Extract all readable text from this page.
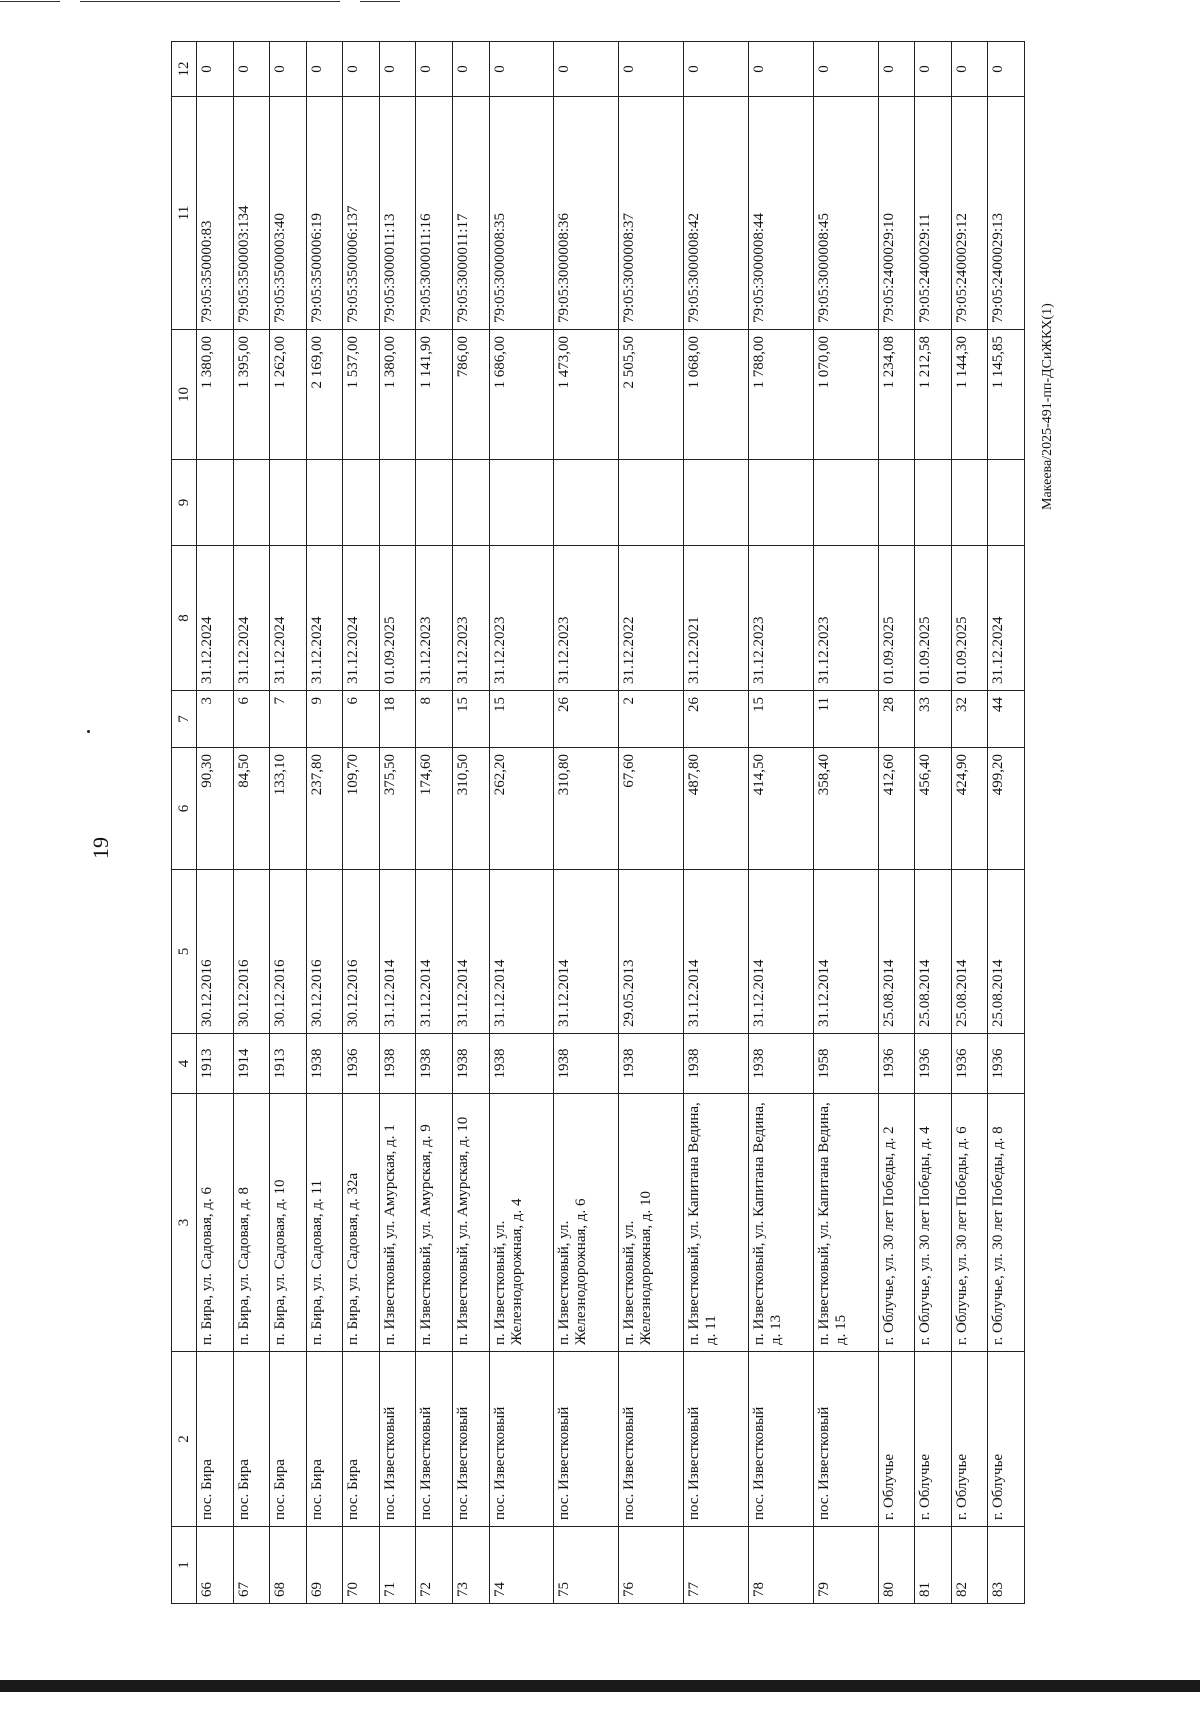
19
1	2	3	4	5	6	7	8	9	10	11	12
66	пос. Бира	п. Бира, ул. Садовая, д. 6	1913	30.12.2016	90,30	3	31.12.2024		1 380,00	79:05:350000:83	0
67	пос. Бира	п. Бира, ул. Садовая, д. 8	1914	30.12.2016	84,50	6	31.12.2024		1 395,00	79:05:3500003:134	0
68	пос. Бира	п. Бира, ул. Садовая, д. 10	1913	30.12.2016	133,10	7	31.12.2024		1 262,00	79:05:3500003:40	0
69	пос. Бира	п. Бира, ул. Садовая, д. 11	1938	30.12.2016	237,80	9	31.12.2024		2 169,00	79:05:3500006:19	0
70	пос. Бира	п. Бира, ул. Садовая, д. 32а	1936	30.12.2016	109,70	6	31.12.2024		1 537,00	79:05:3500006:137	0
71	пос. Известковый	п. Известковый, ул. Амурская, д. 1	1938	31.12.2014	375,50	18	01.09.2025		1 380,00	79:05:3000011:13	0
72	пос. Известковый	п. Известковый, ул. Амурская, д. 9	1938	31.12.2014	174,60	8	31.12.2023		1 141,90	79:05:3000011:16	0
73	пос. Известковый	п. Известковый, ул. Амурская, д. 10	1938	31.12.2014	310,50	15	31.12.2023		786,00	79:05:3000011:17	0
74	пос. Известковый	п. Известковый, ул. Железнодорожная, д. 4	1938	31.12.2014	262,20	15	31.12.2023		1 686,00	79:05:3000008:35	0
75	пос. Известковый	п. Известковый, ул. Железнодорожная, д. 6	1938	31.12.2014	310,80	26	31.12.2023		1 473,00	79:05:3000008:36	0
76	пос. Известковый	п. Известковый, ул. Железнодорожная, д. 10	1938	29.05.2013	67,60	2	31.12.2022		2 505,50	79:05:3000008:37	0
77	пос. Известковый	п. Известковый, ул. Капитана Ведина, д. 11	1938	31.12.2014	487,80	26	31.12.2021		1 068,00	79:05:3000008:42	0
78	пос. Известковый	п. Известковый, ул. Капитана Ведина, д. 13	1938	31.12.2014	414,50	15	31.12.2023		1 788,00	79:05:3000008:44	0
79	пос. Известковый	п. Известковый, ул. Капитана Ведина, д. 15	1958	31.12.2014	358,40	11	31.12.2023		1 070,00	79:05:3000008:45	0
80	г. Облучье	г. Облучье, ул. 30 лет Победы, д. 2	1936	25.08.2014	412,60	28	01.09.2025		1 234,08	79:05:2400029:10	0
81	г. Облучье	г. Облучье, ул. 30 лет Победы, д. 4	1936	25.08.2014	456,40	33	01.09.2025		1 212,58	79:05:2400029:11	0
82	г. Облучье	г. Облучье, ул. 30 лет Победы, д. 6	1936	25.08.2014	424,90	32	01.09.2025		1 144,30	79:05:2400029:12	0
83	г. Облучье	г. Облучье, ул. 30 лет Победы, д. 8	1936	25.08.2014	499,20	44	31.12.2024		1 145,85	79:05:2400029:13	0
Макеева/2025-491-пп-ДСиЖКХ(1)
